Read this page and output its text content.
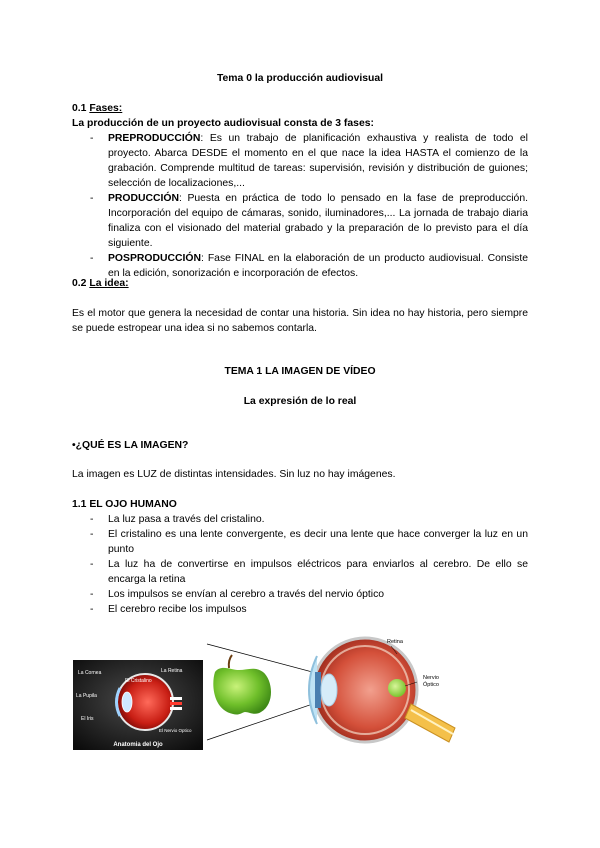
Tema 0 la producción audiovisual
0.1 Fases:
La producción de un proyecto audiovisual consta de 3 fases:
- PREPRODUCCIÓN: Es un trabajo de planificación exhaustiva y realista de todo el proyecto. Abarca DESDE el momento en el que nace la idea HASTA el comienzo de la grabación. Comprende multitud de tareas: supervisión, revisión y distribución de guiones; selección de localizaciones,...
- PRODUCCIÓN: Puesta en práctica de todo lo pensado en la fase de preproducción. Incorporación del equipo de cámaras, sonido, iluminadores,... La jornada de trabajo diaria finaliza con el visionado del material grabado y la preparación de lo previsto para el día siguiente.
- POSPRODUCCIÓN: Fase FINAL en la elaboración de un producto audiovisual. Consiste en la edición, sonorización e incorporación de efectos.
0.2 La idea:
Es el motor que genera la necesidad de contar una historia. Sin idea no hay historia, pero siempre se puede estropear una idea si no sabemos contarla.
TEMA 1 LA IMAGEN DE VÍDEO
La expresión de lo real
•¿QUÉ ES LA IMAGEN?
La imagen es LUZ de distintas intensidades. Sin luz no hay imágenes.
1.1 EL OJO HUMANO
- La luz pasa a través del cristalino.
- El cristalino es una lente convergente, es decir una lente que hace converger la luz en un punto
- La luz ha de convertirse en impulsos eléctricos para enviarlos al cerebro. De ello se encarga la retina
- Los impulsos se envían al cerebro a través del nervio óptico
- El cerebro recibe los impulsos
La Cornea
La Pupila
El Iris
El Cristalino
La Retina
El Nervio Optico
Anatomia del Ojo
Retina
Nervio
Óptico
